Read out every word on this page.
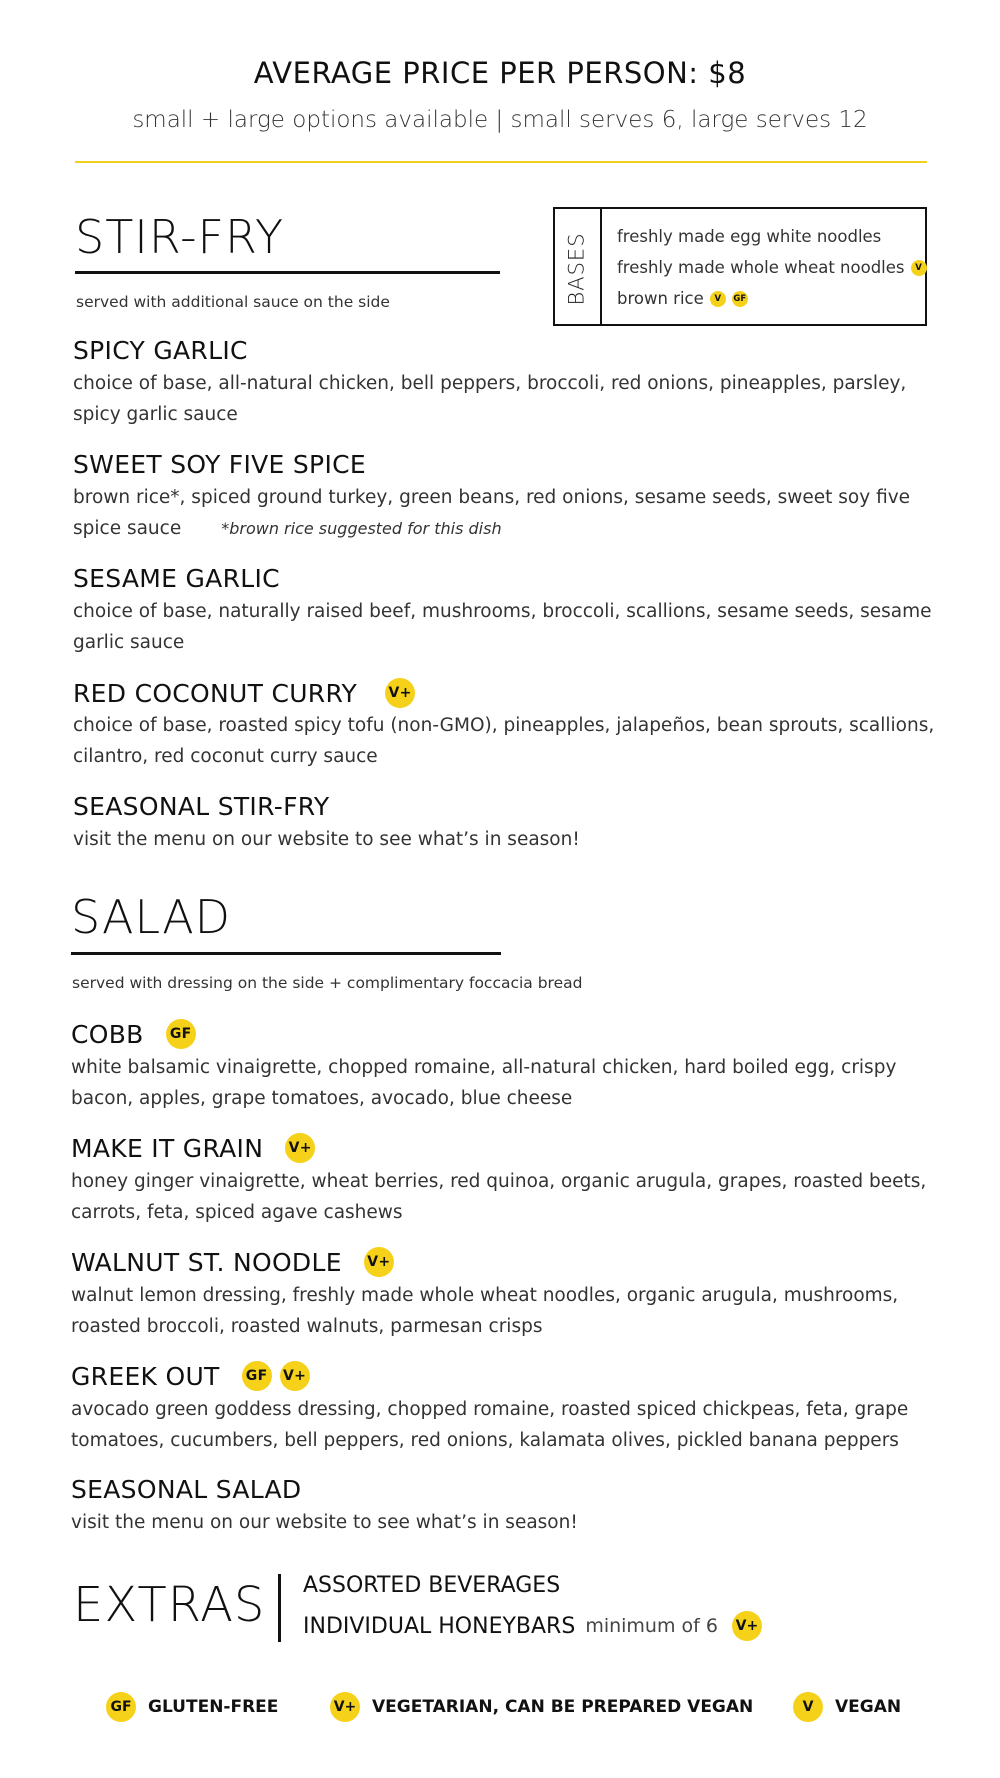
AVERAGE PRICE PER PERSON: $8
small + large options available | small serves 6, large serves 12
STIR-FRY
served with additional sauce on the side	BASES freshly made egg white noodles
freshly made whole wheat noodles	V
brown rice	V	GF
SPICY GARLIC
choice of base, all-natural chicken, bell peppers, broccoli, red onions, pineapples, parsley, spicy garlic sauce
SWEET SOY FIVE SPICE
brown rice*, spiced ground turkey, green beans, red onions, sesame seeds, sweet soy five spice sauce	*brown rice suggested for this dish
SESAME GARLIC
choice of base, naturally raised beef, mushrooms, broccoli, scallions, sesame seeds, sesame garlic sauce
RED COCONUT CURRY V+
choice of base, roasted spicy tofu (non-GMO), pineapples, jalapeños, bean sprouts, scallions, cilantro, red coconut curry sauce
SEASONAL STIR-FRY
visit the menu on our website to see what’s in season!
SALAD
served with dressing on the side + complimentary foccacia bread
COBB GF
white balsamic vinaigrette, chopped romaine, all-natural chicken, hard boiled egg, crispy bacon, apples, grape tomatoes, avocado, blue cheese
MAKE IT GRAIN V+
honey ginger vinaigrette, wheat berries, red quinoa, organic arugula, grapes, roasted beets, carrots, feta, spiced agave cashews
WALNUT ST. NOODLE V+
walnut lemon dressing, freshly made whole wheat noodles, organic arugula, mushrooms, roasted broccoli, roasted walnuts, parmesan crisps
GREEK OUT GF V+
avocado green goddess dressing, chopped romaine, roasted spiced chickpeas, feta, grape tomatoes, cucumbers, bell peppers, red onions, kalamata olives, pickled banana peppers
SEASONAL SALAD
visit the menu on our website to see what’s in season!
EXTRAS ASSORTED BEVERAGES
INDIVIDUAL HONEYBARS minimum of 6 V+
GF GLUTEN-FREE	V+ VEGETARIAN, CAN BE PREPARED VEGAN	V	VEGAN
